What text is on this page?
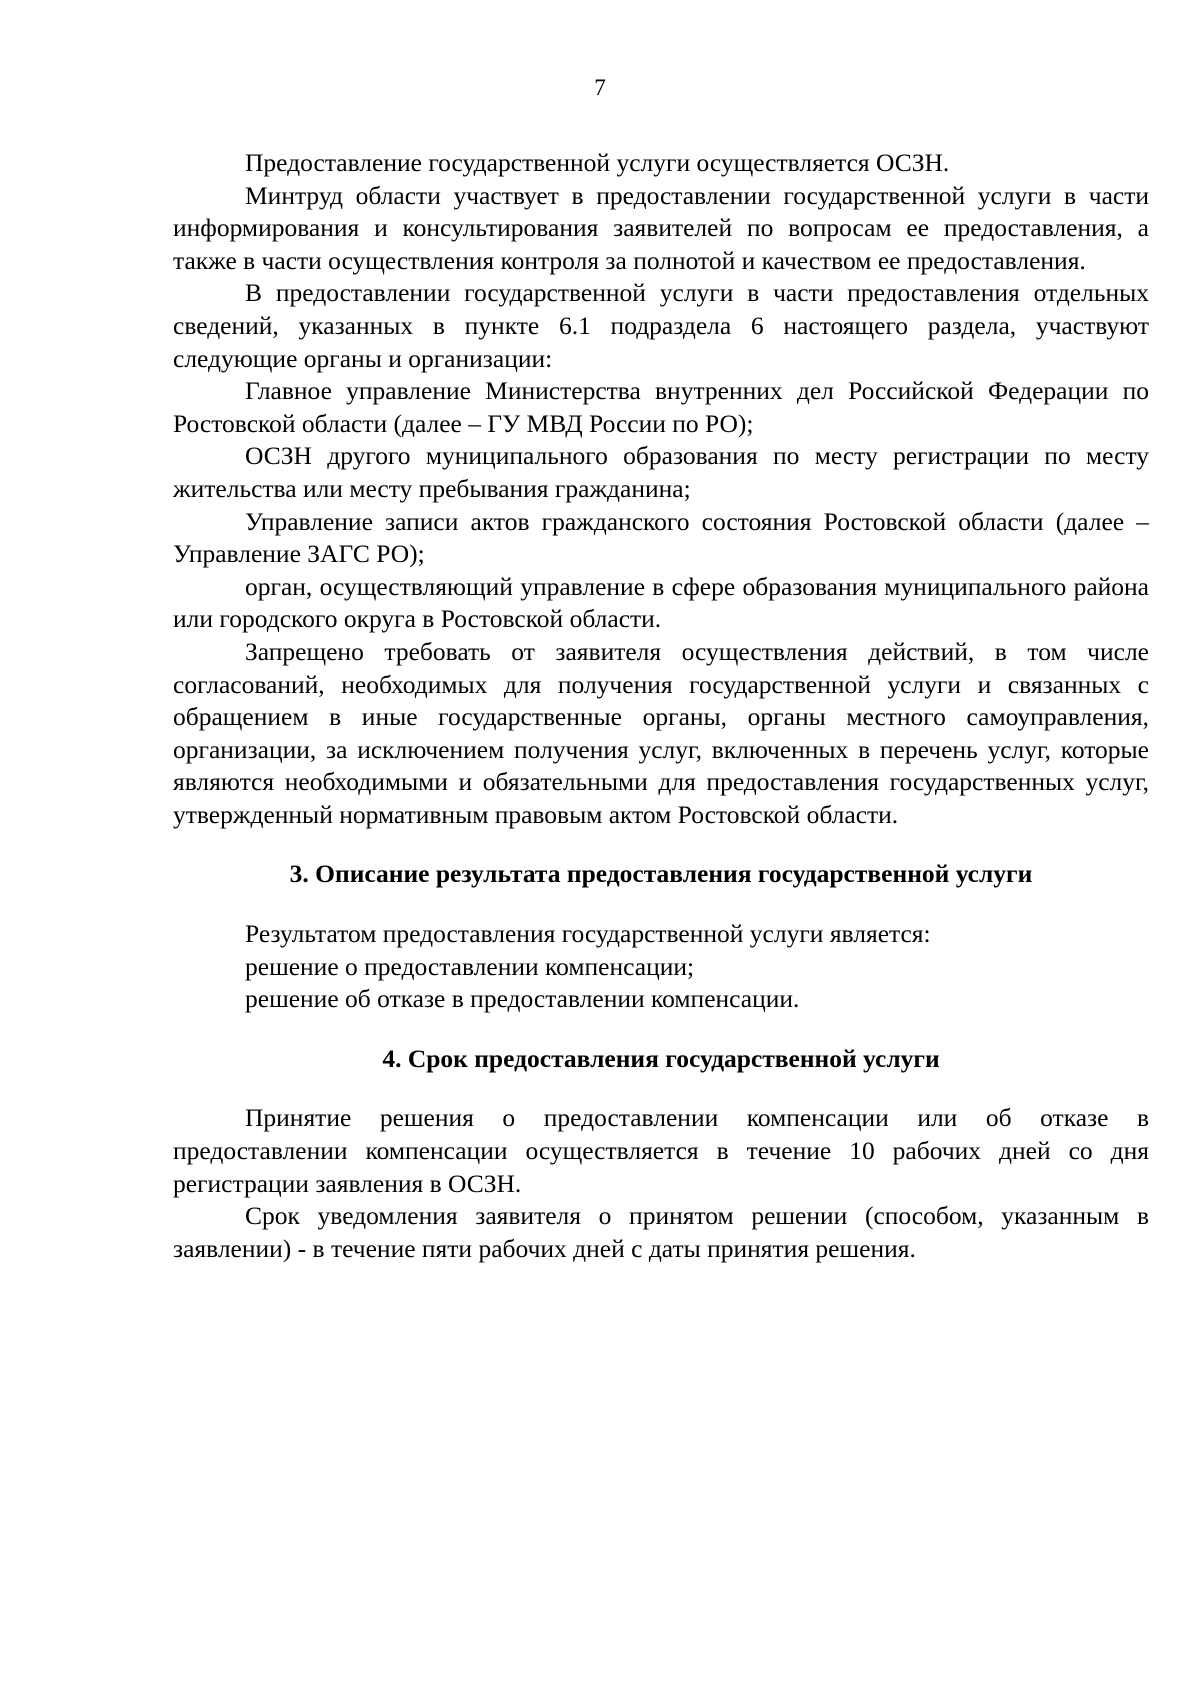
7

Предоставление государственной услуги осуществляется ОСЗН.

Минтруд области участвует в предоставлении государственной услуги в части информирования и консультирования заявителей по вопросам ее предоставления, а также в части осуществления контроля за полнотой и качеством ее предоставления.

В предоставлении государственной услуги в части предоставления отдельных сведений, указанных в пункте 6.1 подраздела 6 настоящего раздела, участвуют следующие органы и организации:

Главное управление Министерства внутренних дел Российской Федерации по Ростовской области (далее – ГУ МВД России по РО);

ОСЗН другого муниципального образования по месту регистрации по месту жительства или месту пребывания гражданина;

Управление записи актов гражданского состояния Ростовской области (далее – Управление ЗАГС РО);

орган, осуществляющий управление в сфере образования муниципального района или городского округа в Ростовской области.

Запрещено требовать от заявителя осуществления действий, в том числе согласований, необходимых для получения государственной услуги и связанных с обращением в иные государственные органы, органы местного самоуправления, организации, за исключением получения услуг, включенных в перечень услуг, которые являются необходимыми и обязательными для предоставления государственных услуг, утвержденный нормативным правовым актом Ростовской области.

3. Описание результата предоставления государственной услуги

Результатом предоставления государственной услуги является:

решение о предоставлении компенсации;

решение об отказе в предоставлении компенсации.

4. Срок предоставления государственной услуги

Принятие решения о предоставлении компенсации или об отказе в предоставлении компенсации осуществляется в течение 10 рабочих дней со дня регистрации заявления в ОСЗН.

Срок уведомления заявителя о принятом решении (способом, указанным в заявлении) - в течение пяти рабочих дней с даты принятия решения.
